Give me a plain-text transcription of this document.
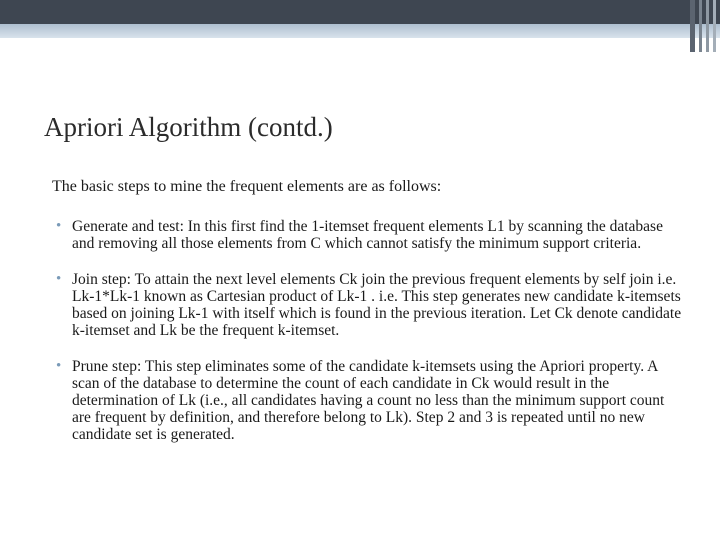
Apriori Algorithm (contd.)
The basic steps to mine the frequent elements are as follows:
• Generate and test: In this first find the 1-itemset frequent elements L1 by scanning the database and removing all those elements from C which cannot satisfy the minimum support criteria.
• Join step: To attain the next level elements Ck join the previous frequent elements by self join i.e. Lk-1*Lk-1 known as Cartesian product of Lk-1 . i.e. This step generates new candidate k-itemsets based on joining Lk-1 with itself which is found in the previous iteration. Let Ck denote candidate k-itemset and Lk be the frequent k-itemset.
• Prune step: This step eliminates some of the candidate k-itemsets using the Apriori property. A scan of the database to determine the count of each candidate in Ck would result in the determination of Lk (i.e., all candidates having a count no less than the minimum support count are frequent by definition, and therefore belong to Lk). Step 2 and 3 is repeated until no new candidate set is generated.
